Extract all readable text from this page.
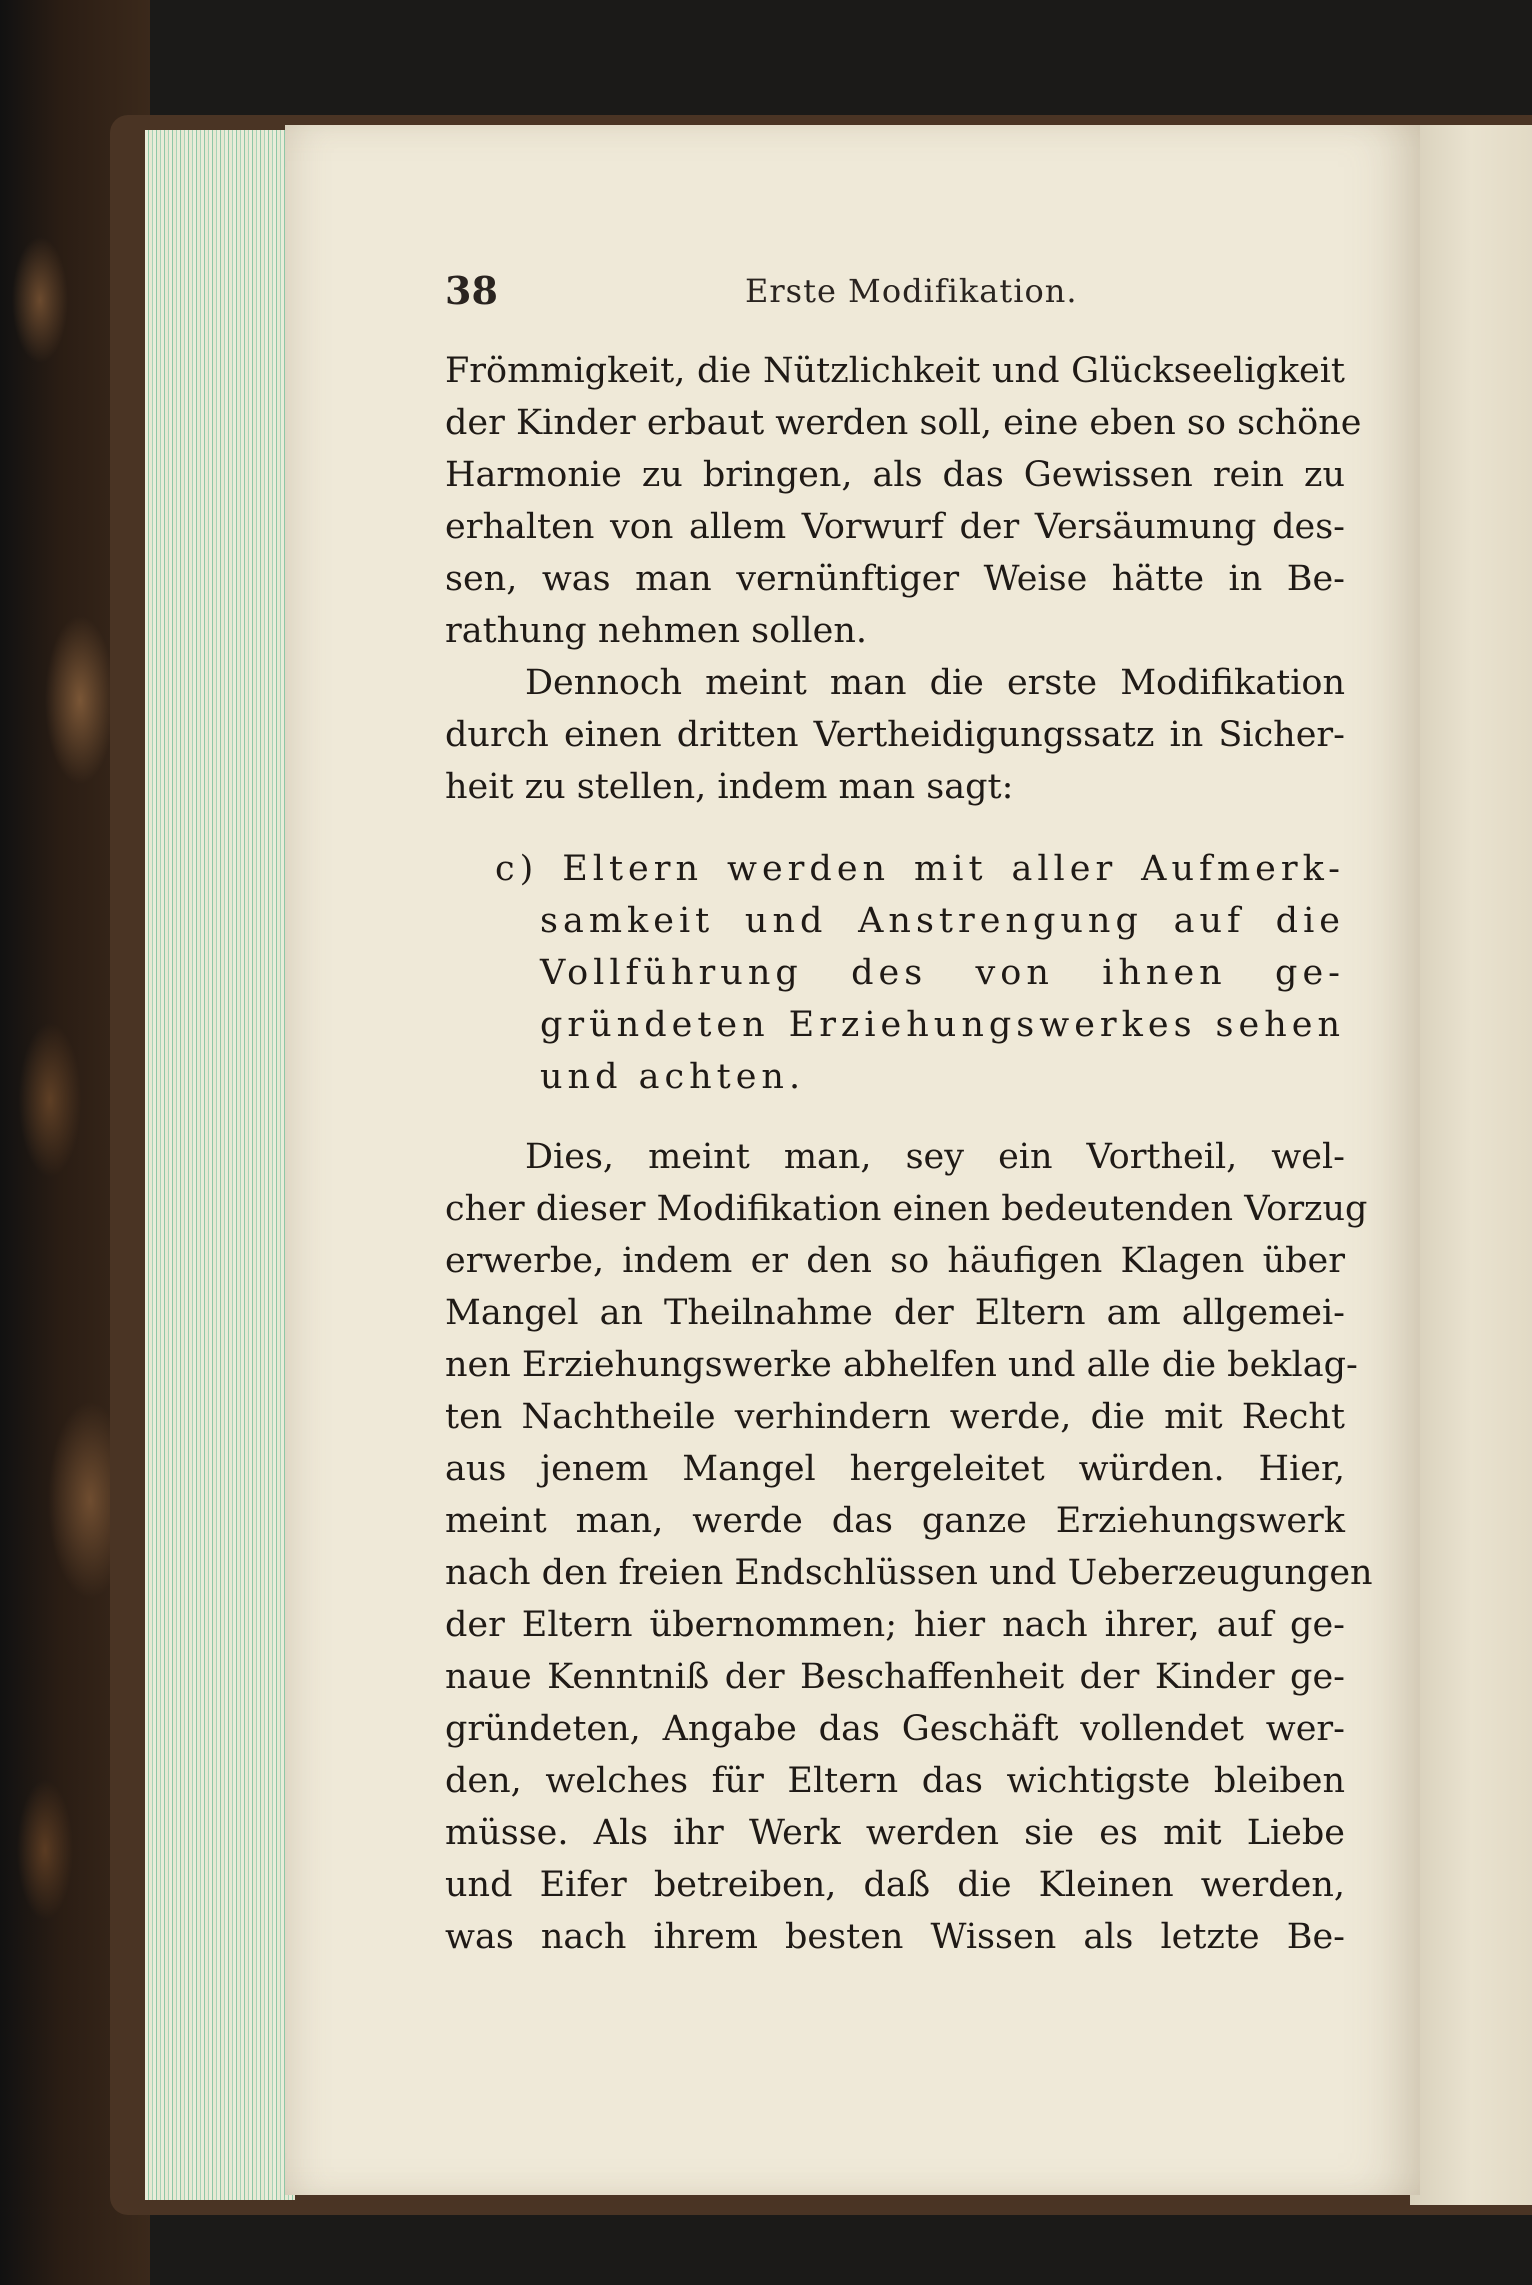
38	Erste Modifikation.
Frömmigkeit, die Nützlichkeit und Glückseeligkeit
der Kinder erbaut werden soll, eine eben so schöne
Harmonie zu bringen, als das Gewissen rein zu
erhalten von allem Vorwurf der Versäumung des-
sen, was man vernünftiger Weise hätte in Be-
rathung nehmen sollen.
Dennoch meint man die erste Modifikation
durch einen dritten Vertheidigungssatz in Sicher-
heit zu stellen, indem man sagt:
c) Eltern werden mit aller Aufmerk-
samkeit und Anstrengung auf die
Vollführung des von ihnen ge-
gründeten Erziehungswerkes sehen
und achten.
Dies, meint man, sey ein Vortheil, wel-
cher dieser Modifikation einen bedeutenden Vorzug
erwerbe, indem er den so häufigen Klagen über
Mangel an Theilnahme der Eltern am allgemei-
nen Erziehungswerke abhelfen und alle die beklag-
ten Nachtheile verhindern werde, die mit Recht
aus jenem Mangel hergeleitet würden. Hier,
meint man, werde das ganze Erziehungswerk
nach den freien Endschlüssen und Ueberzeugungen
der Eltern übernommen; hier nach ihrer, auf ge-
naue Kenntniß der Beschaffenheit der Kinder ge-
gründeten, Angabe das Geschäft vollendet wer-
den, welches für Eltern das wichtigste bleiben
müsse. Als ihr Werk werden sie es mit Liebe
und Eifer betreiben, daß die Kleinen werden,
was nach ihrem besten Wissen als letzte Be-
